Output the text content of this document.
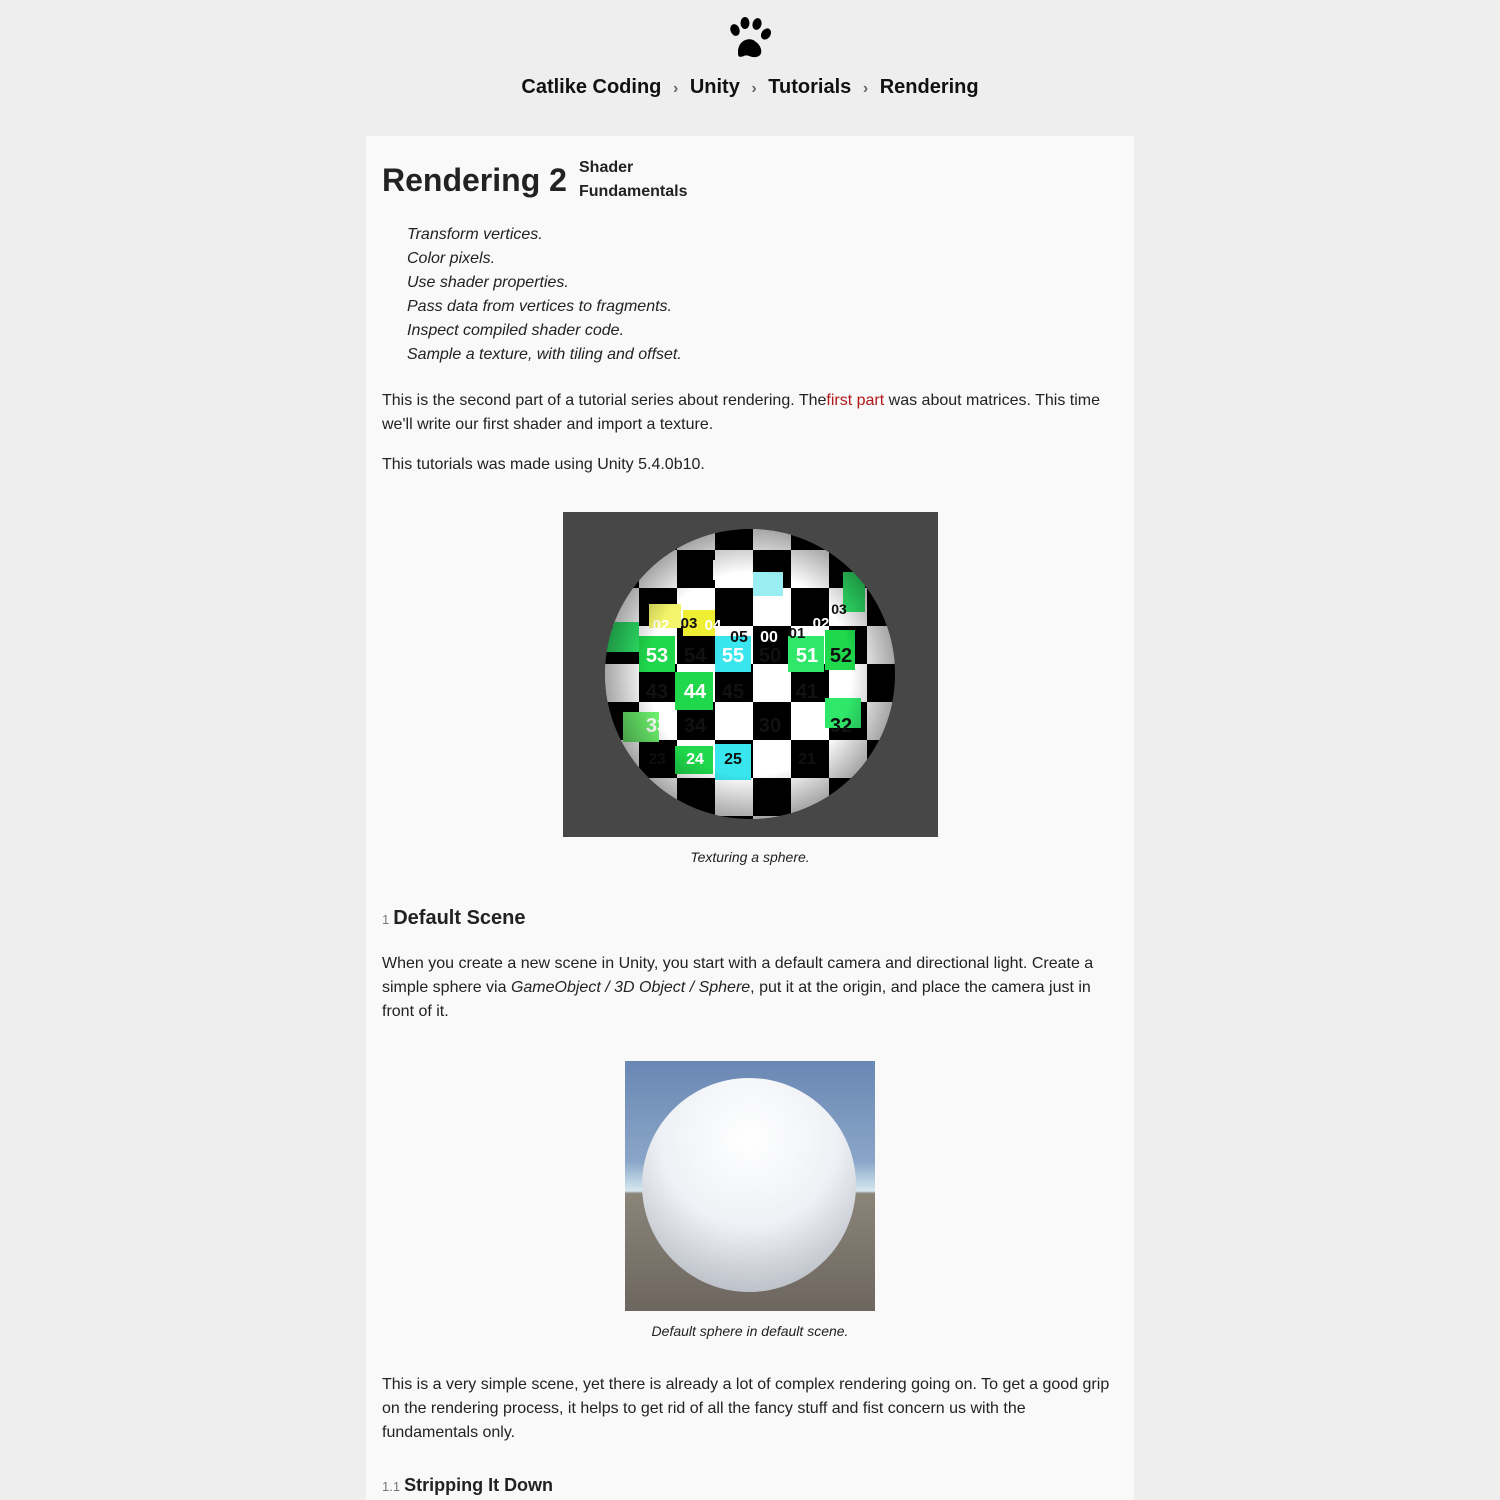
Catlike Coding › Unity › Tutorials › Rendering
Rendering 2 Shader Fundamentals
Transform vertices.
Color pixels.
Use shader properties.
Pass data from vertices to fragments.
Inspect compiled shader code.
Sample a texture, with tiling and offset.

This is the second part of a tutorial series about rendering. Thefirst part was about matrices. This time we'll write our first shader and import a texture.

This tutorials was made using Unity 5.4.0b10.

Texturing a sphere.
1 Default Scene

When you create a new scene in Unity, you start with a default camera and directional light. Create a simple sphere via GameObject / 3D Object / Sphere, put it at the origin, and place the camera just in front of it.

Default sphere in default scene.

This is a very simple scene, yet there is already a lot of complex rendering going on. To get a good grip on the rendering process, it helps to get rid of all the fancy stuff and fist concern us with the fundamentals only.

1.1 Stripping It Down
